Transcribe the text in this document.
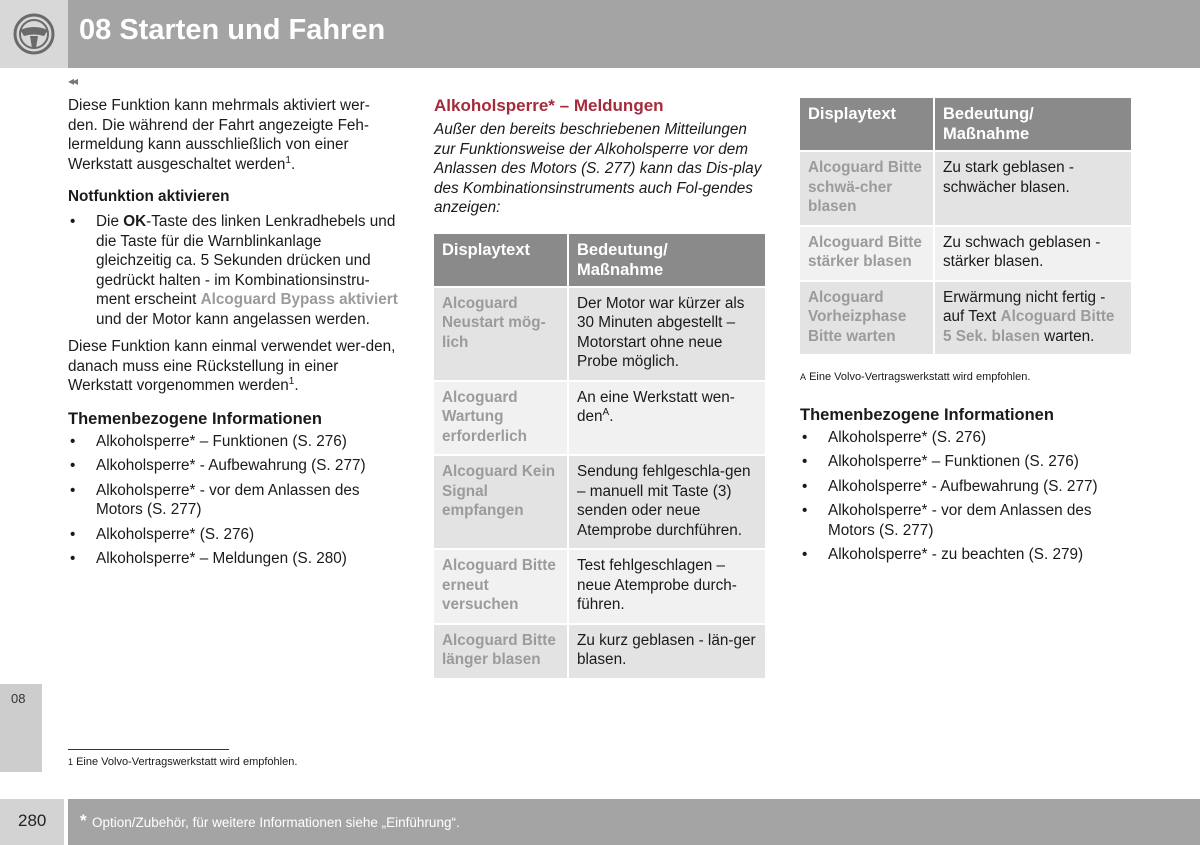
08 Starten und Fahren
◂◂

Diese Funktion kann mehrmals aktiviert wer-den. Die während der Fahrt angezeigte Feh-lermeldung kann ausschließlich von einer Werkstatt ausgeschaltet werden$^1$.

Notfunktion aktivieren
• Die OK-Taste des linken Lenkradhebels und die Taste für die Warnblinkanlage gleichzeitig ca. 5 Sekunden drücken und gedrückt halten - im Kombinationsinstru-ment erscheint Alcoguard Bypass aktiviert und der Motor kann angelassen werden.

Diese Funktion kann einmal verwendet wer-den, danach muss eine Rückstellung in einer Werkstatt vorgenommen werden$^1$.

Themenbezogene Informationen
• Alkoholsperre* – Funktionen (S. 276)
• Alkoholsperre* - Aufbewahrung (S. 277)
• Alkoholsperre* - vor dem Anlassen des Motors (S. 277)
• Alkoholsperre* (S. 276)
• Alkoholsperre* – Meldungen (S. 280)
Alkoholsperre* – Meldungen

Außer den bereits beschriebenen Mitteilungen zur Funktionsweise der Alkoholsperre vor dem Anlassen des Motors (S. 277) kann das Dis-play des Kombinationsinstruments auch Fol-gendes anzeigen:

Displaytext	Bedeutung/ Maßnahme
Alcoguard Neustart mög-lich	Der Motor war kürzer als 30 Minuten abgestellt – Motorstart ohne neue Probe möglich.
Alcoguard Wartung erforderlich	An eine Werkstatt wen-den$^A$.
Alcoguard Kein Signal empfangen	Sendung fehlgeschla-gen – manuell mit Taste (3) senden oder neue Atemprobe durchführen.
Alcoguard Bitte erneut versuchen	Test fehlgeschlagen – neue Atemprobe durch-führen.
Alcoguard Bitte länger blasen	Zu kurz geblasen - län-ger blasen.
Displaytext	Bedeutung/ Maßnahme
Alcoguard Bitte schwä-cher blasen	Zu stark geblasen - schwächer blasen.
Alcoguard Bitte stärker blasen	Zu schwach geblasen - stärker blasen.
Alcoguard Vorheizphase Bitte warten	Erwärmung nicht fertig - auf Text Alcoguard Bitte 5 Sek. blasen warten.

A Eine Volvo-Vertragswerkstatt wird empfohlen.

Themenbezogene Informationen
• Alkoholsperre* (S. 276)
• Alkoholsperre* – Funktionen (S. 276)
• Alkoholsperre* - Aufbewahrung (S. 277)
• Alkoholsperre* - vor dem Anlassen des Motors (S. 277)
• Alkoholsperre* - zu beachten (S. 279)
08
1 Eine Volvo-Vertragswerkstatt wird empfohlen.
280 * Option/Zubehör, für weitere Informationen siehe „Einführung“.
